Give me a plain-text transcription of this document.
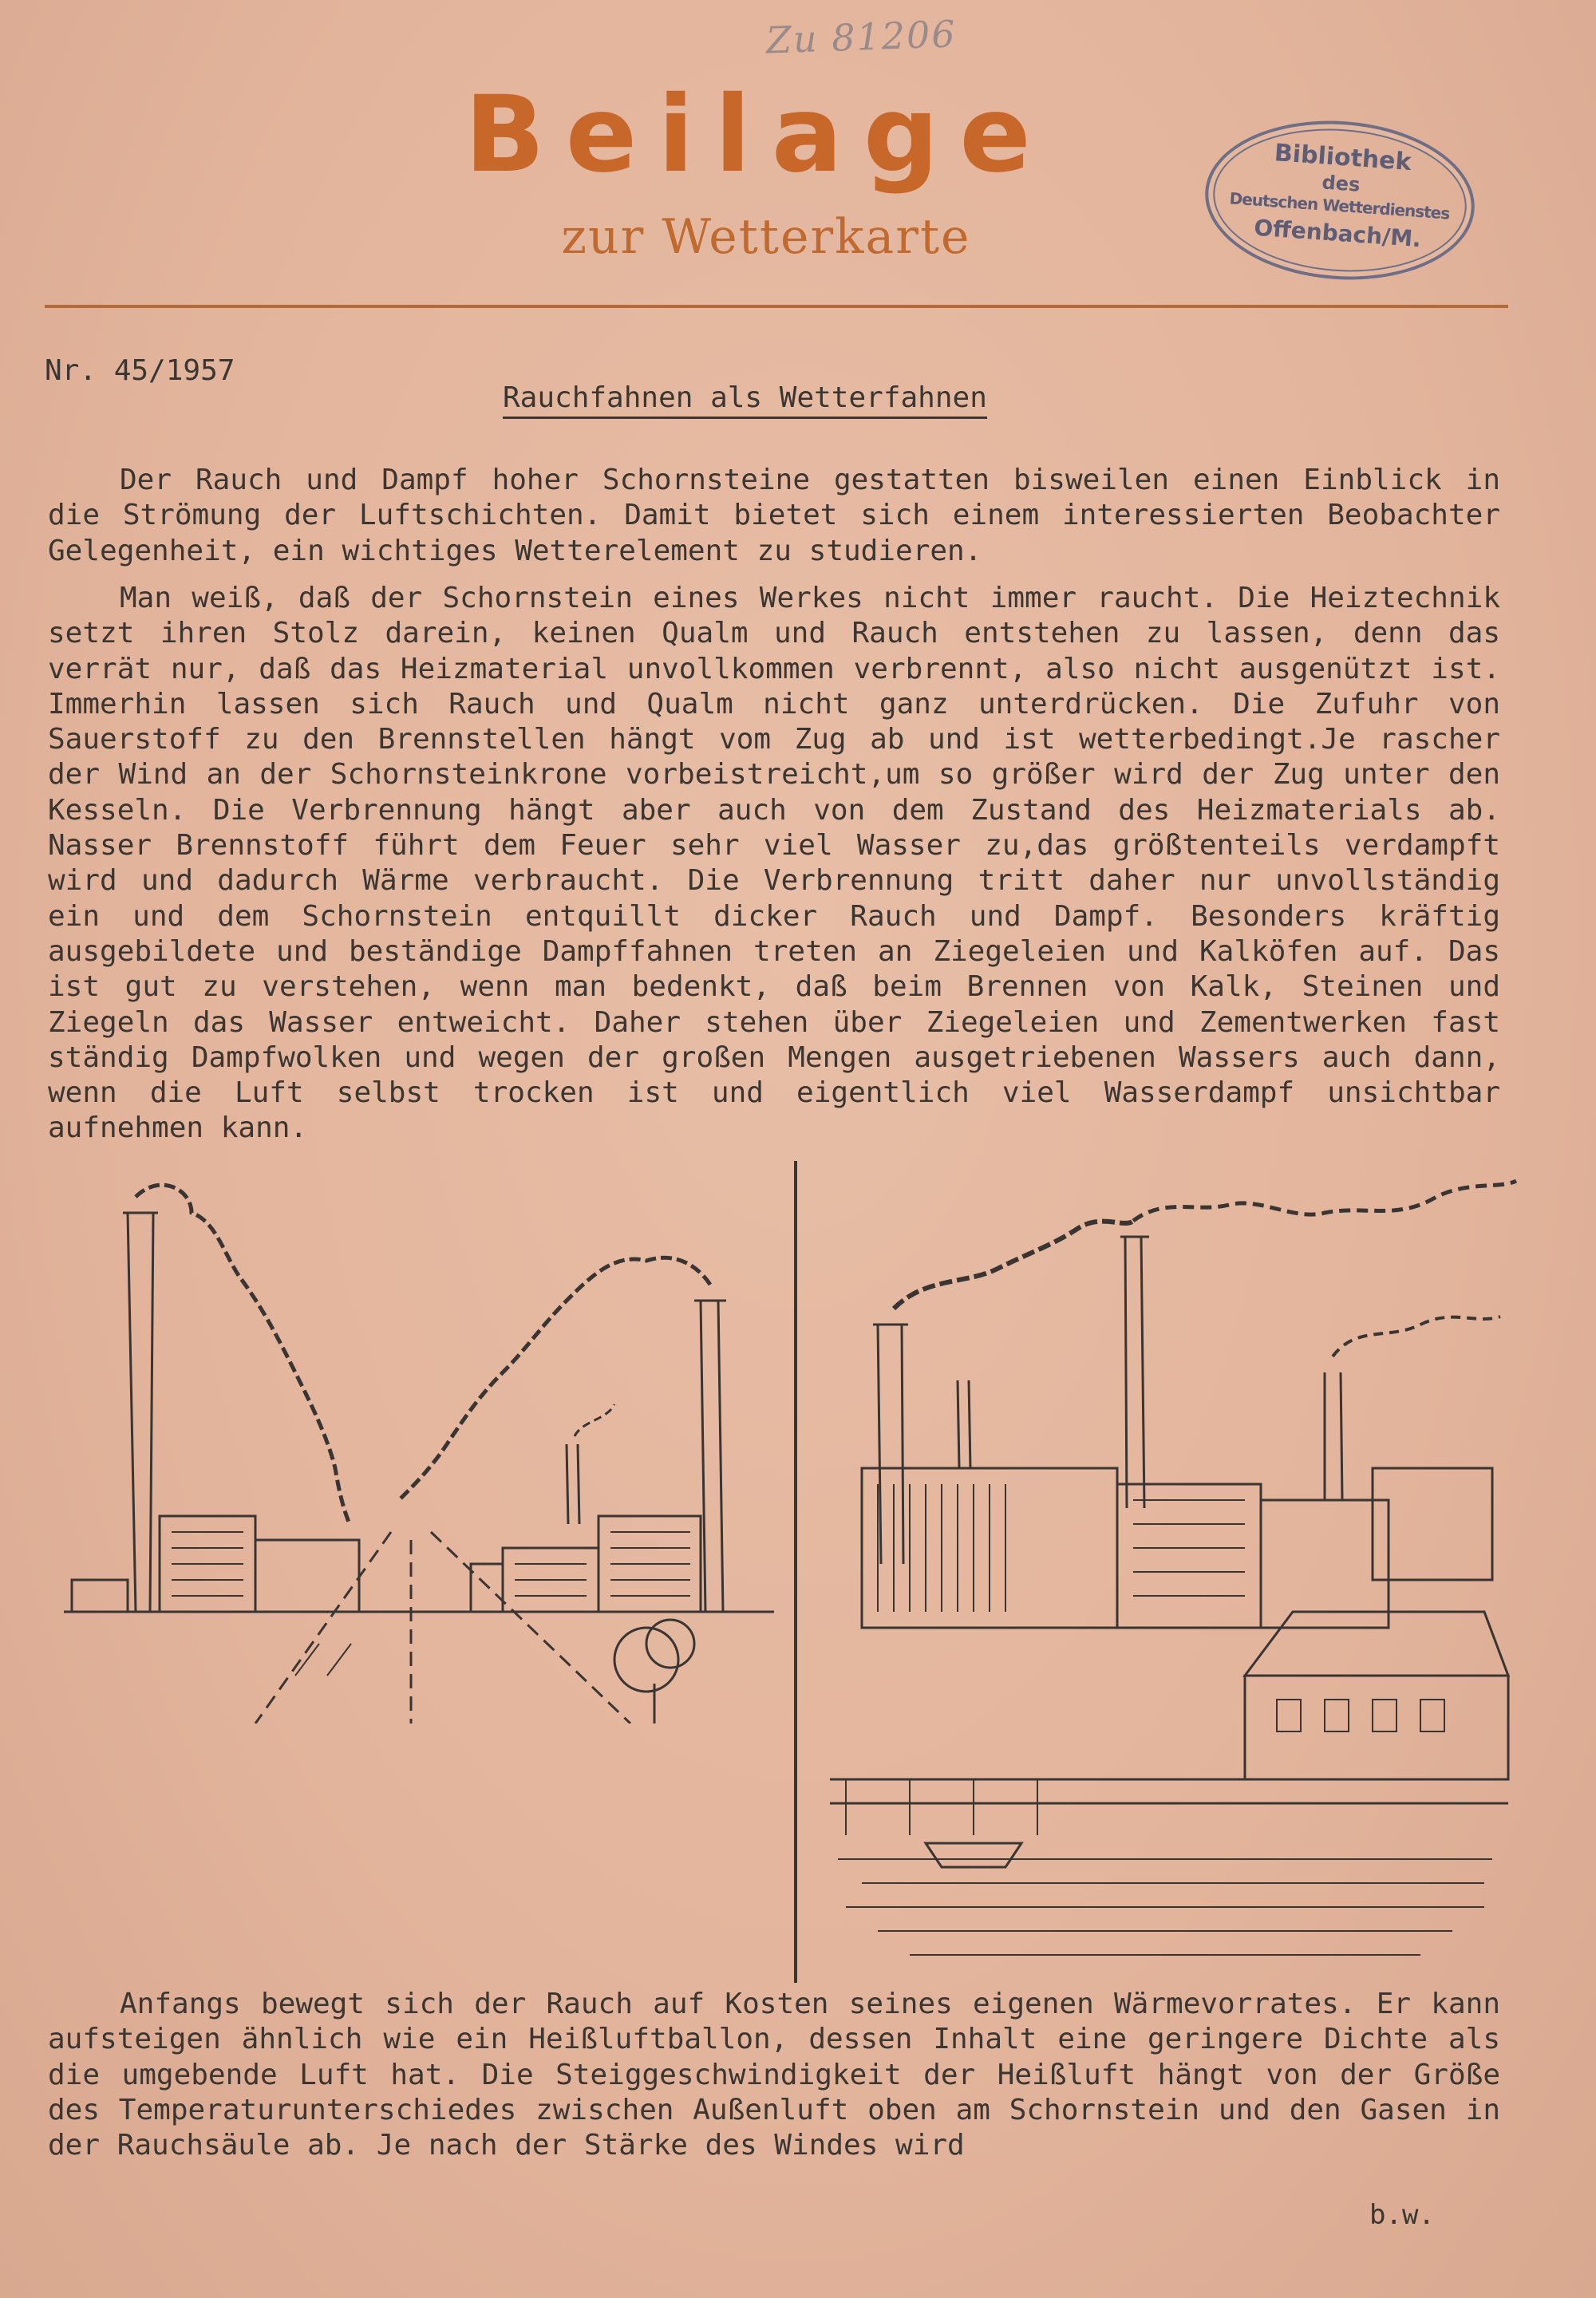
Zu 81206
Beilage
zur Wetterkarte
Bibliothek
des
Deutschen Wetterdienstes
Offenbach/M.
Nr. 45/1957
Rauchfahnen als Wetterfahnen

Der Rauch und Dampf hoher Schornsteine gestatten bisweilen einen Einblick in die Strömung der Luftschichten. Damit bietet sich einem interessierten Beobachter Gelegenheit, ein wichtiges Wetterelement zu studieren.

Man weiß, daß der Schornstein eines Werkes nicht immer raucht. Die Heiztechnik setzt ihren Stolz darein, keinen Qualm und Rauch entstehen zu lassen, denn das verrät nur, daß das Heizmaterial unvollkommen verbrennt, also nicht ausgenützt ist. Immerhin lassen sich Rauch und Qualm nicht ganz unterdrücken. Die Zufuhr von Sauerstoff zu den Brennstellen hängt vom Zug ab und ist wetterbedingt.Je rascher der Wind an der Schornsteinkrone vorbeistreicht,um so größer wird der Zug unter den Kesseln. Die Verbrennung hängt aber auch von dem Zustand des Heizmaterials ab. Nasser Brennstoff führt dem Feuer sehr viel Wasser zu,das größtenteils verdampft wird und dadurch Wärme verbraucht. Die Verbrennung tritt daher nur unvollständig ein und dem Schornstein entquillt dicker Rauch und Dampf. Besonders kräftig ausgebildete und beständige Dampffahnen treten an Ziegeleien und Kalköfen auf. Das ist gut zu verstehen, wenn man bedenkt, daß beim Brennen von Kalk, Steinen und Ziegeln das Wasser entweicht. Daher stehen über Ziegeleien und Zementwerken fast ständig Dampfwolken und wegen der großen Mengen ausgetriebenen Wassers auch dann, wenn die Luft selbst trocken ist und eigentlich viel Wasserdampf unsichtbar aufnehmen kann.

Anfangs bewegt sich der Rauch auf Kosten seines eigenen Wärmevorrates. Er kann aufsteigen ähnlich wie ein Heißluftballon, dessen Inhalt eine geringere Dichte als die umgebende Luft hat. Die Steiggeschwindigkeit der Heißluft hängt von der Größe des Temperaturunterschiedes zwischen Außenluft oben am Schornstein und den Gasen in der Rauchsäule ab. Je nach der Stärke des Windes wird

b.w.
